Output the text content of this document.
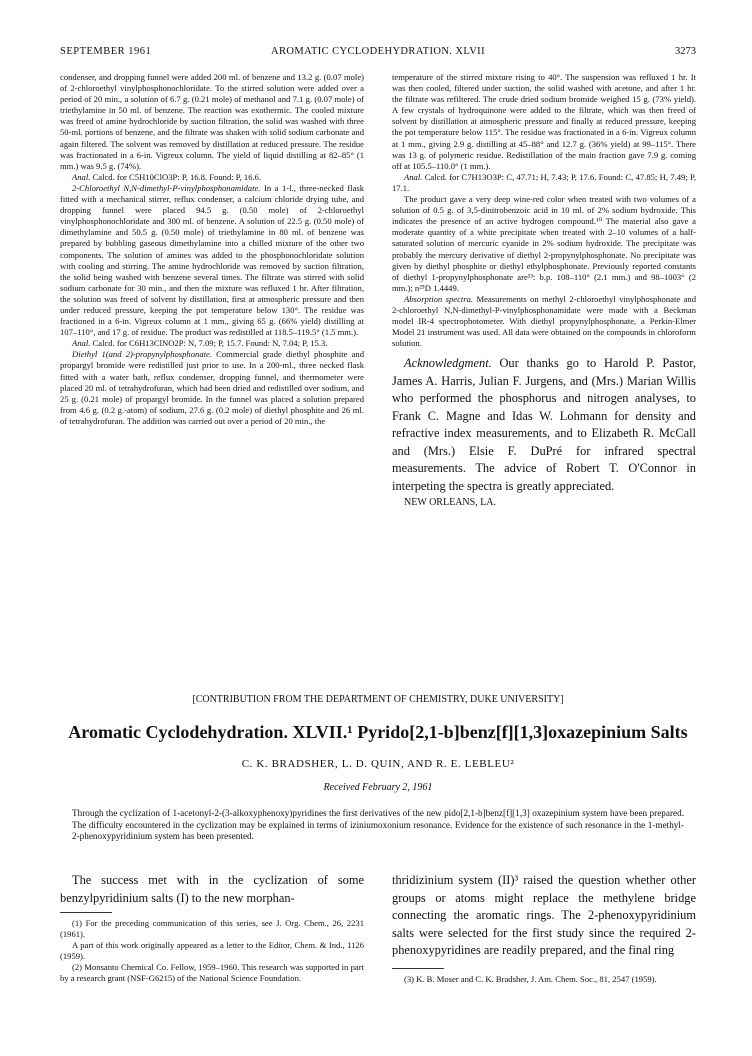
SEPTEMBER 1961	AROMATIC CYCLODEHYDRATION. XLVII	3273

condenser, and dropping funnel were added 200 ml. of benzene and 13.2 g. (0.07 mole) of 2-chloroethyl vinylphosphonochloridate. To the stirred solution were added over a period of 20 min., a solution of 6.7 g. (0.21 mole) of methanol and 7.1 g. (0.07 mole) of triethylamine in 50 ml. of benzene. The reaction was exothermic. The cooled mixture was freed of amine hydrochloride by suction filtration, the solid was washed with three 50-ml. portions of benzene, and the filtrate was shaken with solid sodium carbonate and again filtered. The solvent was removed by distillation at reduced pressure. The residue was fractionated in a 6-in. Vigreux column. The yield of liquid distilling at 82–85° (1 mm.) was 9.5 g. (74%).

Anal. Calcd. for C5H10ClO3P: P, 16.8. Found: P, 16.6.

2-Chloroethyl N,N-dimethyl-P-vinylphosphonamidate. In a 1-l., three-necked flask fitted with a mechanical stirrer, reflux condenser, a calcium chloride drying tube, and dropping funnel were placed 94.5 g. (0.50 mole) of 2-chloroethyl vinylphosphonochloridate and 300 ml. of benzene. A solution of 22.5 g. (0.50 mole) of dimethylamine and 50.5 g. (0.50 mole) of triethylamine in 80 ml. of benzene was prepared by bubbling gaseous dimethylamine into a chilled mixture of the other two components. The solution of amines was added to the phosphonochloridate solution with cooling and stirring. The amine hydrochloride was removed by suction filtration, the solid being washed with benzene several times. The filtrate was stirred with solid sodium carbonate for 30 min., and then the mixture was refluxed 1 hr. After filtration, the solution was freed of solvent by distillation, first at atmospheric pressure and then under reduced pressure, keeping the pot temperature below 130°. The residue was fractioned in a 6-in. Vigreux column at 1 mm., giving 65 g. (66% yield) distilling at 107–110°, and 17 g. of residue. The product was redistilled at 118.5–119.5° (1.5 mm.).

Anal. Calcd. for C6H13ClNO2P: N, 7.09; P, 15.7. Found: N, 7.04; P, 15.3.

Diethyl 1(and 2)-propynylphosphonate. Commercial grade diethyl phosphite and propargyl bromide were redistilled just prior to use. In a 200-ml., three necked flask fitted with a water bath, reflux condenser, dropping funnel, and thermometer were placed 20 ml. of tetrahydrofuran, which had been dried and redistilled over sodium, and 25 g. (0.21 mole) of propargyl bromide. In the funnel was placed a solution prepared from 4.6 g. (0.2 g.-atom) of sodium, 27.6 g. (0.2 mole) of diethyl phosphite and 26 ml. of tetrahydrofuran. The addition was carried out over a period of 20 min., the

temperature of the stirred mixture rising to 40°. The suspension was refluxed 1 hr. It was then cooled, filtered under suction, the solid washed with acetone, and after 1 hr. the filtrate was refiltered. The crude dried sodium bromide weighed 15 g. (73% yield). A few crystals of hydroquinone were added to the filtrate, which was then freed of solvent by distillation at atmospheric pressure and finally at reduced pressure, keeping the pot temperature below 115°. The residue was fractionated in a 6-in. Vigreux column at 1 mm., giving 2.9 g. distilling at 45–88° and 12.7 g. (36% yield) at 99–115°. There was 13 g. of polymeric residue. Redistillation of the main fraction gave 7.9 g. coming off at 105.5–110.0° (1 mm.).

Anal. Calcd. for C7H13O3P: C, 47.71; H, 7.43; P, 17.6. Found: C, 47.85; H, 7.49; P, 17.1.

The product gave a very deep wine-red color when treated with two volumes of a solution of 0.5 g. of 3,5-dinitrobenzoic acid in 10 ml. of 2% sodium hydroxide. This indicates the presence of an active hydrogen compound.¹⁰ The material also gave a moderate quantity of a white precipitate when treated with 2–10 volumes of a half-saturated solution of mercuric cyanide in 2% sodium hydroxide. The precipitate was probably the mercury derivative of diethyl 2-propynylphosphonate. No precipitate was given by diethyl phosphite or diethyl ethylphosphonate. Previously reported constants of diethyl 1-propynylphosphonate are¹³: b.p. 108–110° (2.1 mm.) and 98–1003° (2 mm.); n²⁵D 1.4449.

Absorption spectra. Measurements on methyl 2-chloroethyl vinylphosphonate and 2-chloroethyl N,N-dimethyl-P-vinylphosphonamidate were made with a Beckman model IR-4 spectrophotometer. With diethyl propynylphosphonate, a Perkin-Elmer Model 21 instrument was used. All data were obtained on the compounds in chloroform solution.

Acknowledgment. Our thanks go to Harold P. Pastor, James A. Harris, Julian F. Jurgens, and (Mrs.) Marian Willis who performed the phosphorus and nitrogen analyses, to Frank C. Magne and Idas W. Lohmann for density and refractive index measurements, and to Elizabeth R. McCall and (Mrs.) Elsie F. DuPré for infrared spectral measurements. The advice of Robert T. O'Connor in interpeting the spectra is greatly appreciated.

NEW ORLEANS, LA.

[CONTRIBUTION FROM THE DEPARTMENT OF CHEMISTRY, DUKE UNIVERSITY]
Aromatic Cyclodehydration. XLVII.¹ Pyrido[2,1-b]benz[f][1,3]oxazepinium Salts
C. K. BRADSHER, L. D. QUIN, AND R. E. LEBLEU²
Received February 2, 1961
Through the cyclization of 1-acetonyl-2-(3-alkoxyphenoxy)pyridines the first derivatives of the new pido[2,1-b]benz[f][1,3] oxazepinium system have been prepared. The difficulty encountered in the cyclization may be explained in terms of iziniumoxonium resonance. Evidence for the existence of such resonance in the 1-methyl-2-phenoxypyridinium system has been presented.

The success met with in the cyclization of some benzylpyridinium salts (I) to the new morphan-

(1) For the preceding communication of this series, see J. Org. Chem., 26, 2231 (1961).

A part of this work originally appeared as a letter to the Editor, Chem. & Ind., 1126 (1959).

(2) Monsanto Chemical Co. Fellow, 1959–1960. This research was supported in part by a research grant (NSF-G6215) of the National Science Foundation.

thridizinium system (II)³ raised the question whether other groups or atoms might replace the methylene bridge connecting the aromatic rings. The 2-phenoxypyridinium salts were selected for the first study since the required 2-phenoxypyridines are readily prepared, and the final ring

(3) K. B. Moser and C. K. Bradsher, J. Am. Chem. Soc., 81, 2547 (1959).
